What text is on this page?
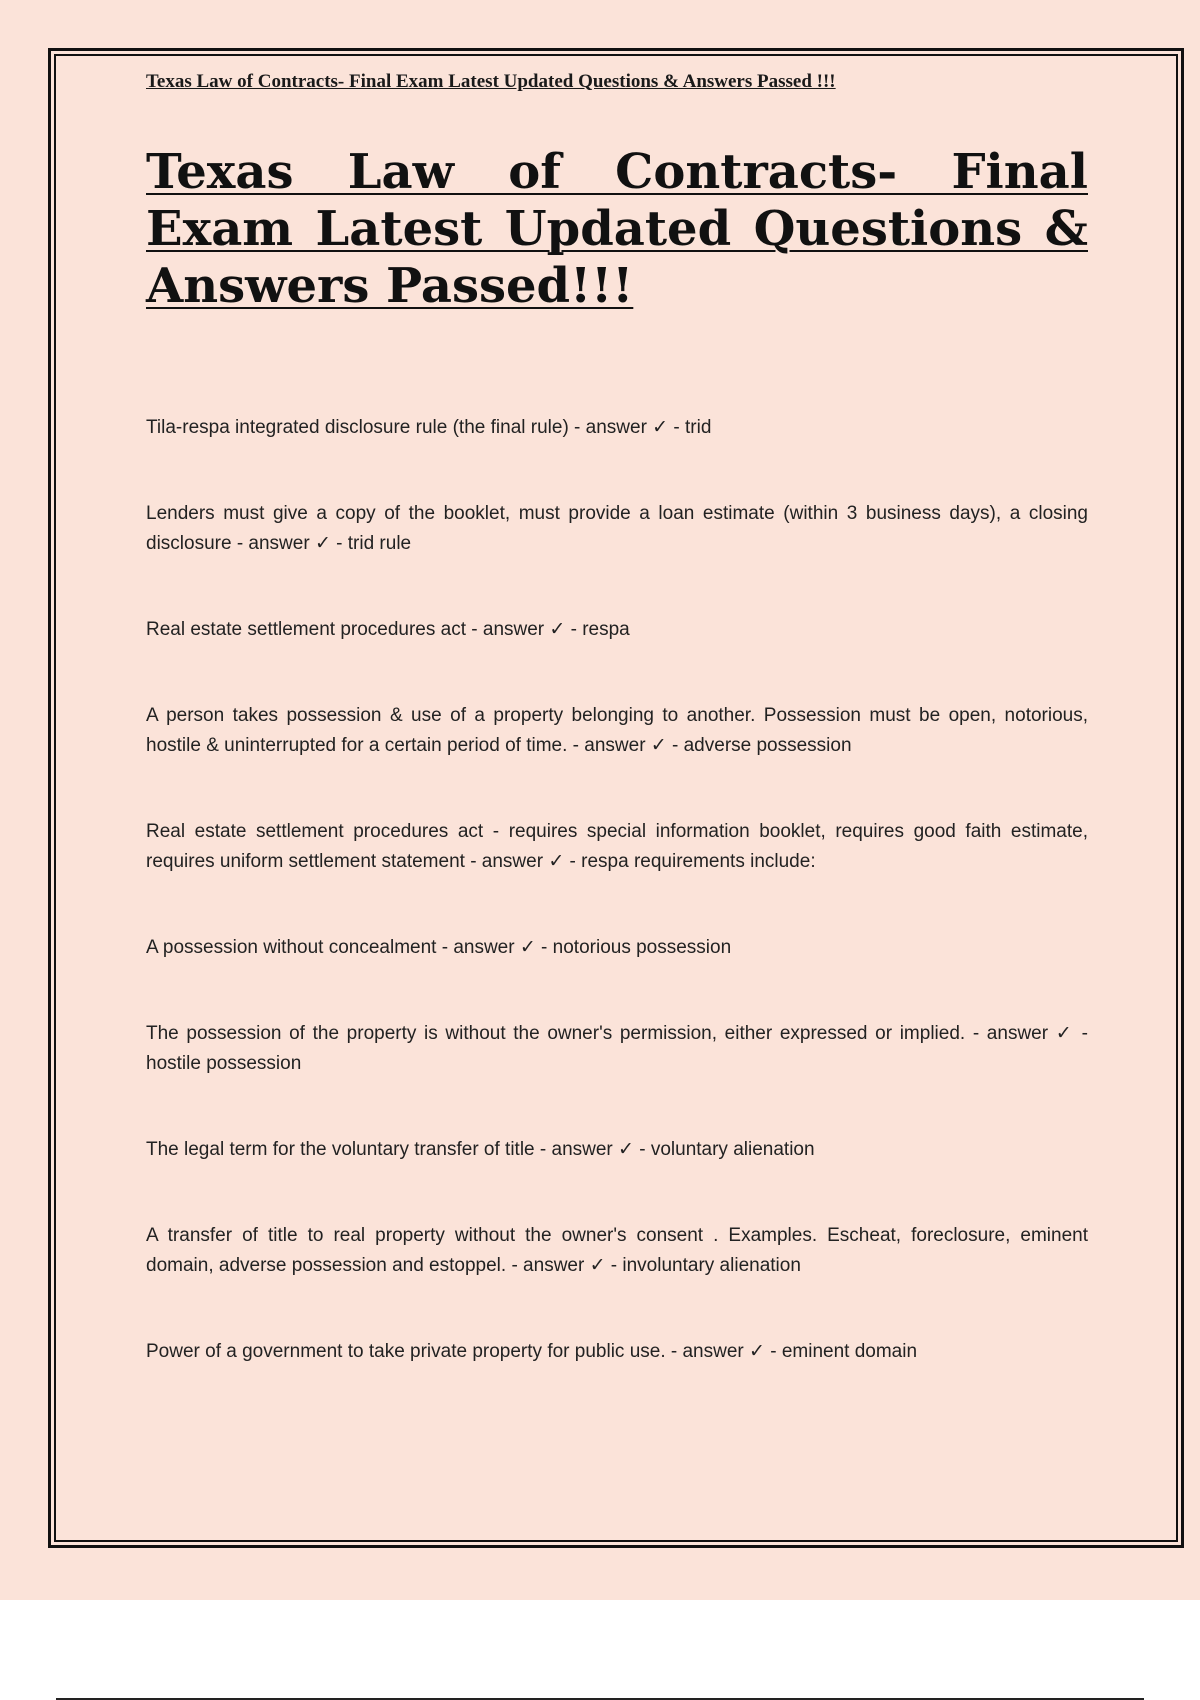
Texas Law of Contracts- Final Exam Latest Updated Questions & Answers Passed !!!
Texas Law of Contracts- Final Exam Latest Updated Questions & Answers Passed!!!

Tila-respa integrated disclosure rule (the final rule) - answer ✓ - trid

Lenders must give a copy of the booklet, must provide a loan estimate (within 3 business days), a closing disclosure - answer ✓ - trid rule

Real estate settlement procedures act - answer ✓ - respa

A person takes possession & use of a property belonging to another. Possession must be open, notorious, hostile & uninterrupted for a certain period of time. - answer ✓ - adverse possession

Real estate settlement procedures act - requires special information booklet, requires good faith estimate, requires uniform settlement statement - answer ✓ - respa requirements include:

A possession without concealment - answer ✓ - notorious possession

The possession of the property is without the owner's permission, either expressed or implied. - answer ✓ - hostile possession

The legal term for the voluntary transfer of title - answer ✓ - voluntary alienation

A transfer of title to real property without the owner's consent . Examples. Escheat, foreclosure, eminent domain, adverse possession and estoppel. - answer ✓ - involuntary alienation

Power of a government to take private property for public use. - answer ✓ - eminent domain
